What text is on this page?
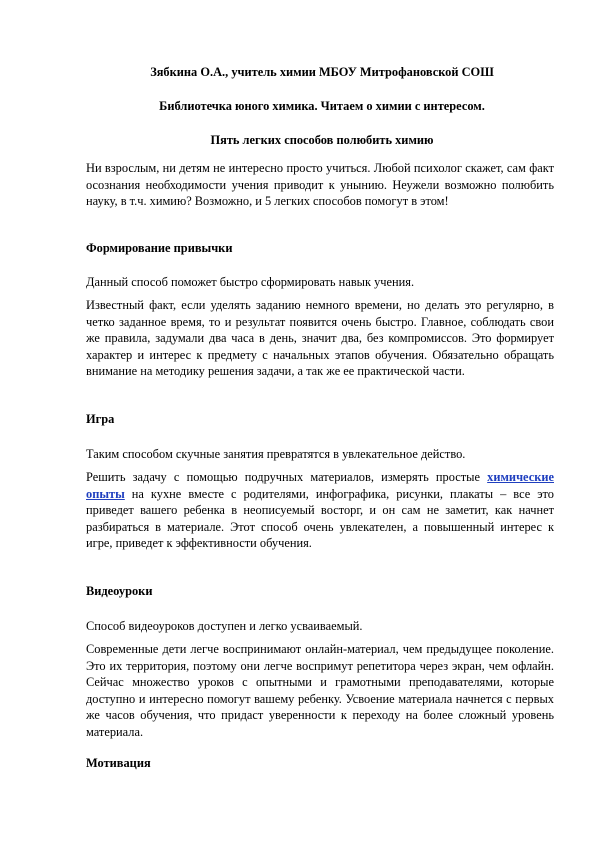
Зябкина О.А., учитель химии МБОУ Митрофановской СОШ
Библиотечка юного химика. Читаем о химии с интересом.
Пять легких способов полюбить химию
Ни взрослым, ни детям не интересно просто учиться. Любой психолог скажет, сам факт осознания необходимости учения приводит к унынию. Неужели возможно полюбить науку, в т.ч. химию? Возможно, и 5 легких способов помогут в этом!
Формирование привычки
Данный способ поможет быстро сформировать навык учения.
Известный факт, если уделять заданию немного времени, но делать это регулярно, в четко заданное время, то и результат появится очень быстро. Главное, соблюдать свои же правила, задумали два часа в день, значит два, без компромиссов. Это формирует характер и интерес к предмету с начальных этапов обучения. Обязательно обращать внимание на методику решения задачи, а так же ее практической части.
Игра
Таким способом скучные занятия превратятся в увлекательное действо.
Решить задачу с помощью подручных материалов, измерять простые химические опыты на кухне вместе с родителями, инфографика, рисунки, плакаты – все это приведет вашего ребенка в неописуемый восторг, и он сам не заметит, как начнет разбираться в материале. Этот способ очень увлекателен, а повышенный интерес к игре, приведет к эффективности обучения.
Видеоуроки
Способ видеоуроков доступен и легко усваиваемый.
Современные дети легче воспринимают онлайн-материал, чем предыдущее поколение. Это их территория, поэтому они легче воспримут репетитора через экран, чем офлайн. Сейчас множество уроков с опытными и грамотными преподавателями, которые доступно и интересно помогут вашему ребенку. Усвоение материала начнется с первых же часов обучения, что придаст уверенности к переходу на более сложный уровень материала.
Мотивация
